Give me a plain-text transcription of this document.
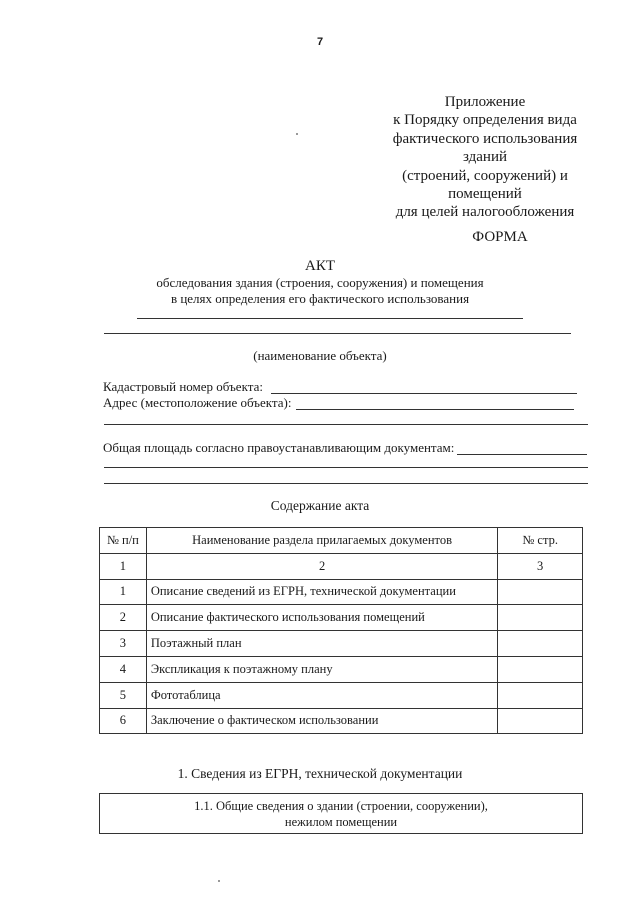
7
Приложение
к Порядку определения вида
фактического использования
зданий
(строений, сооружений) и
помещений
для целей налогообложения
ФОРМА
АКТ
обследования здания (строения, сооружения) и помещения
в целях определения его фактического использования
(наименование объекта)
Кадастровый номер объекта:
Адрес (местоположение объекта):
Общая площадь согласно правоустанавливающим документам:
Содержание акта
№ п/п	Наименование раздела прилагаемых документов	№ стр.
1	2	3
1	Описание сведений из ЕГРН, технической документации	
2	Описание фактического использования помещений	
3	Поэтажный план	
4	Экспликация к поэтажному плану	
5	Фототаблица	
6	Заключение о фактическом использовании	
1. Сведения из ЕГРН, технической документации
1.1. Общие сведения о здании (строении, сооружении),
нежилом помещении
